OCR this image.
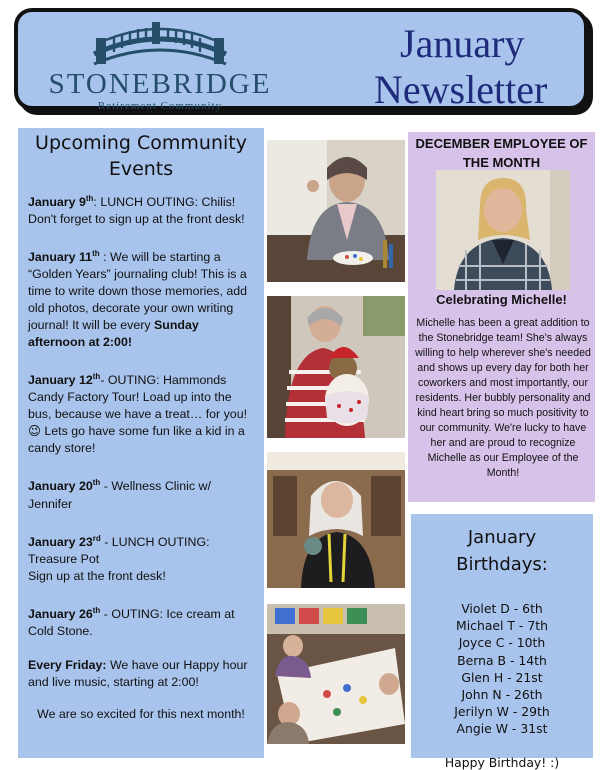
STONEBRIDGE
Retirement Community
January
Newsletter
Upcoming Community Events
January 9th: LUNCH OUTING: Chilis! Don't forget to sign up at the front desk!
January 11th : We will be starting a “Golden Years” journaling club! This is a time to write down those memories, add old photos, decorate your own writing journal! It will be every Sunday afternoon at 2:00!
January 12th- OUTING: Hammonds Candy Factory Tour! Load up into the bus, because we have a treat… for you! 😉 Lets go have some fun like a kid in a candy store!
January 20th - Wellness Clinic w/ Jennifer
January 23rd - LUNCH OUTING: Treasure Pot
Sign up at the front desk!
January 26th - OUTING: Ice cream at Cold Stone.
Every Friday: We have our Happy hour and live music, starting at 2:00!
We are so excited for this next month!
DECEMBER EMPLOYEE OF THE MONTH
Celebrating Michelle!
Michelle has been a great addition to the Stonebridge team! She's always willing to help wherever she's needed and shows up every day for both her coworkers and most importantly, our residents. Her bubbly personality and kind heart bring so much positivity to our community. We're lucky to have her and are proud to recognize Michelle as our Employee of the Month!
January
Birthdays:
Violet D - 6th
Michael T - 7th
Joyce C - 10th
Berna B - 14th
Glen H - 21st
John N - 26th
Jerilyn W - 29th
Angie W - 31st
Happy Birthday! :)
